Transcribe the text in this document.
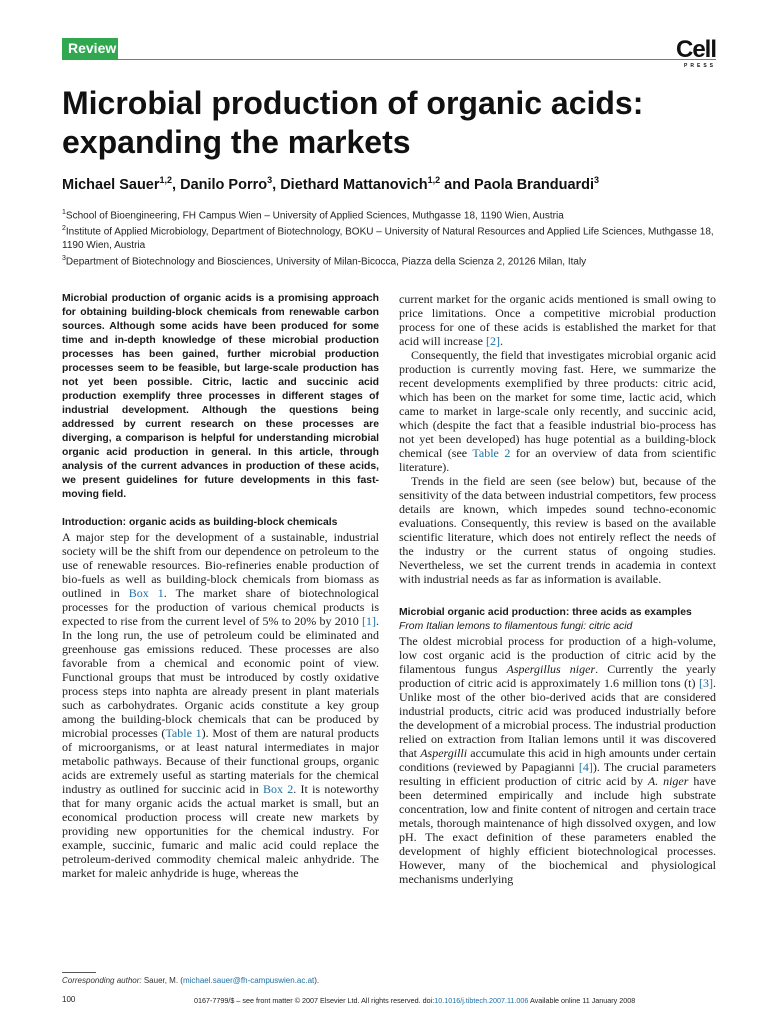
Review	Cell
PRESS
Microbial production of organic acids: expanding the markets
Michael Sauer$^{1,2}$, Danilo Porro$^3$, Diethard Mattanovich$^{1,2}$ and Paola Branduardi$^3$

$^1$School of Bioengineering, FH Campus Wien – University of Applied Sciences, Muthgasse 18, 1190 Wien, Austria

$^2$Institute of Applied Microbiology, Department of Biotechnology, BOKU – University of Natural Resources and Applied Life Sciences, Muthgasse 18, 1190 Wien, Austria

$^3$Department of Biotechnology and Biosciences, University of Milan-Bicocca, Piazza della Scienza 2, 20126 Milan, Italy

Microbial production of organic acids is a promising approach for obtaining building-block chemicals from renewable carbon sources. Although some acids have been produced for some time and in-depth knowledge of these microbial production processes has been gained, further microbial production processes seem to be feasible, but large-scale production has not yet been possible. Citric, lactic and succinic acid production exemplify three processes in different stages of industrial development. Although the questions being addressed by current research on these processes are diverging, a comparison is helpful for understanding microbial organic acid production in general. In this article, through analysis of the current advances in production of these acids, we present guidelines for future developments in this fast-moving field.

Introduction: organic acids as building-block chemicals

A major step for the development of a sustainable, industrial society will be the shift from our dependence on petroleum to the use of renewable resources. Bio-refineries enable production of bio-fuels as well as building-block chemicals from biomass as outlined in Box 1. The market share of biotechnological processes for the production of various chemical products is expected to rise from the current level of 5% to 20% by 2010 [1]. In the long run, the use of petroleum could be eliminated and greenhouse gas emissions reduced. These processes are also favorable from a chemical and economic point of view. Functional groups that must be introduced by costly oxidative process steps into naphta are already present in plant materials such as carbohydrates. Organic acids constitute a key group among the building-block chemicals that can be produced by microbial processes (Table 1). Most of them are natural products of microorganisms, or at least natural intermediates in major metabolic pathways. Because of their functional groups, organic acids are extremely useful as starting materials for the chemical industry as outlined for succinic acid in Box 2. It is noteworthy that for many organic acids the actual market is small, but an economical production process will create new markets by providing new opportunities for the chemical industry. For example, succinic, fumaric and malic acid could replace the petroleum-derived commodity chemical maleic anhydride. The market for maleic anhydride is huge, whereas the

current market for the organic acids mentioned is small owing to price limitations. Once a competitive microbial production process for one of these acids is established the market for that acid will increase [2].

Consequently, the field that investigates microbial organic acid production is currently moving fast. Here, we summarize the recent developments exemplified by three products: citric acid, which has been on the market for some time, lactic acid, which came to market in large-scale only recently, and succinic acid, which (despite the fact that a feasible industrial bio-process has not yet been developed) has huge potential as a building-block chemical (see Table 2 for an overview of data from scientific literature).

Trends in the field are seen (see below) but, because of the sensitivity of the data between industrial competitors, few process details are known, which impedes sound techno-economic evaluations. Consequently, this review is based on the available scientific literature, which does not entirely reflect the needs of the industry or the current status of ongoing studies. Nevertheless, we set the current trends in academia in context with industrial needs as far as information is available.

Microbial organic acid production: three acids as examples

From Italian lemons to filamentous fungi: citric acid

The oldest microbial process for production of a high-volume, low cost organic acid is the production of citric acid by the filamentous fungus Aspergillus niger. Currently the yearly production of citric acid is approximately 1.6 million tons (t) [3]. Unlike most of the other bio-derived acids that are considered industrial products, citric acid was produced industrially before the development of a microbial process. The industrial production relied on extraction from Italian lemons until it was discovered that Aspergilli accumulate this acid in high amounts under certain conditions (reviewed by Papagianni [4]). The crucial parameters resulting in efficient production of citric acid by A. niger have been determined empirically and include high substrate concentration, low and finite content of nitrogen and certain trace metals, thorough maintenance of high dissolved oxygen, and low pH. The exact definition of these parameters enabled the development of highly efficient biotechnological processes. However, many of the biochemical and physiological mechanisms underlying

Corresponding author: Sauer, M. (michael.sauer@fh-campuswien.ac.at).
100	0167-7799/$ – see front matter © 2007 Elsevier Ltd. All rights reserved. doi:10.1016/j.tibtech.2007.11.006 Available online 11 January 2008
